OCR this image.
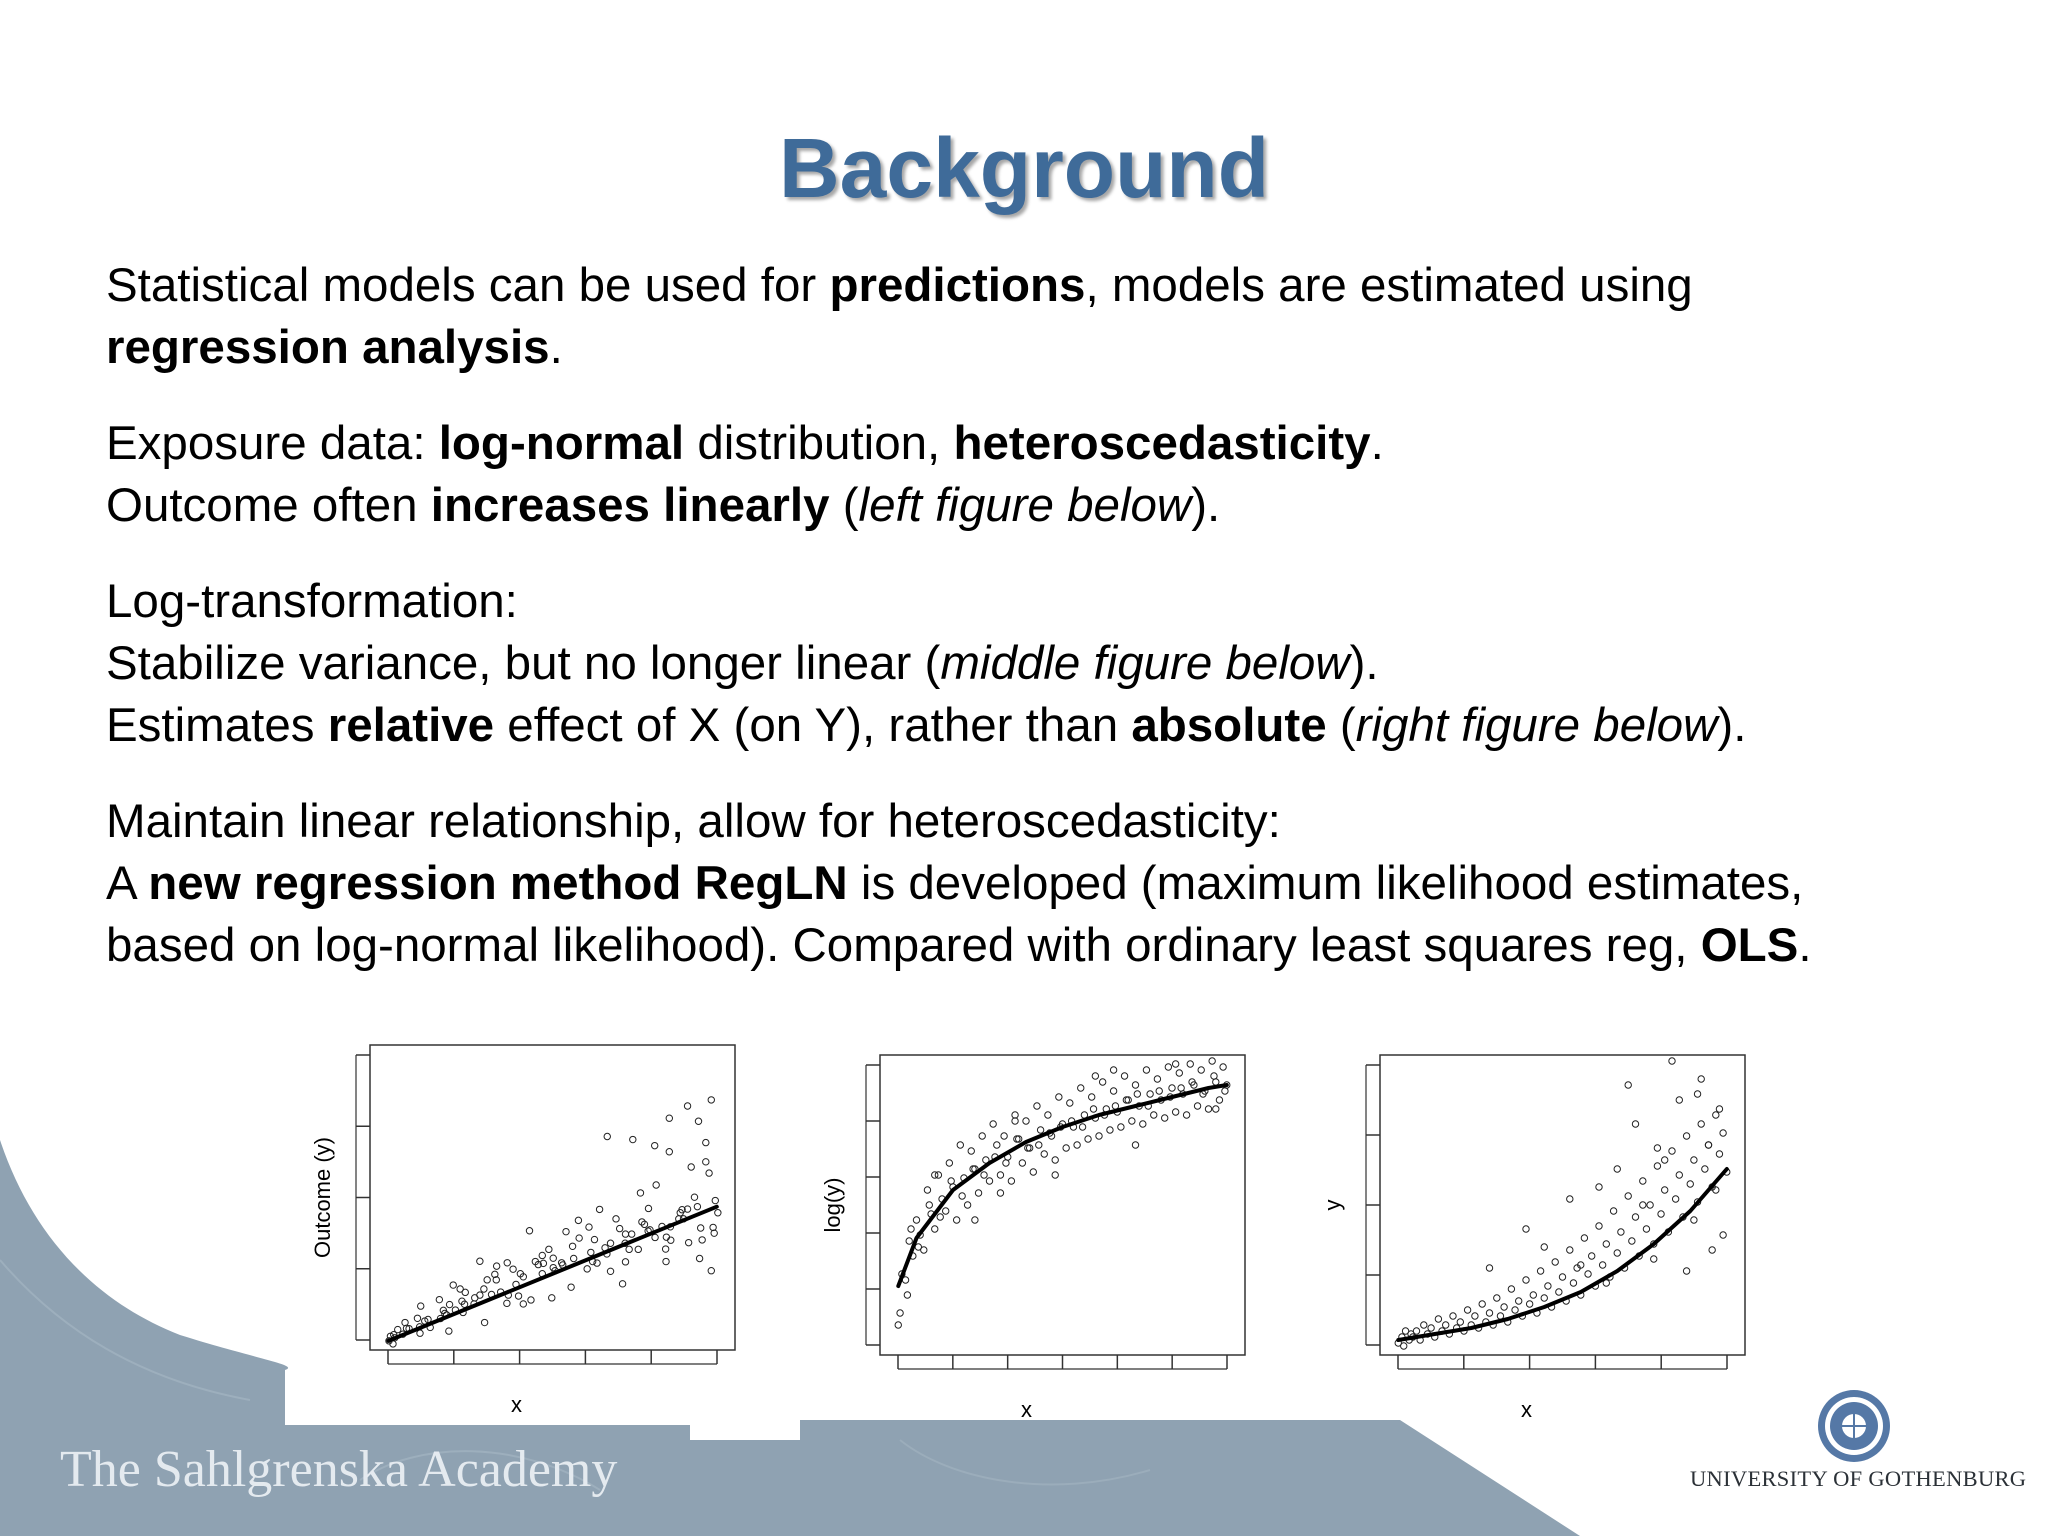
Background

Statistical models can be used for predictions, models are estimated using
regression analysis.

Exposure data: log-normal distribution, heteroscedasticity.
Outcome often increases linearly (left figure below).

Log-transformation:
Stabilize variance, but no longer linear (middle figure below).
Estimates relative effect of X (on Y), rather than absolute (right figure below).

Maintain linear relationship, allow for heteroscedasticity:
A new regression method RegLN is developed (maximum likelihood estimates,
based on log-normal likelihood). Compared with ordinary least squares reg, OLS.

x
Outcome (y)
x
log(y)
x
y
The Sahlgrenska Academy	UNIVERSITY OF GOTHENBURG
